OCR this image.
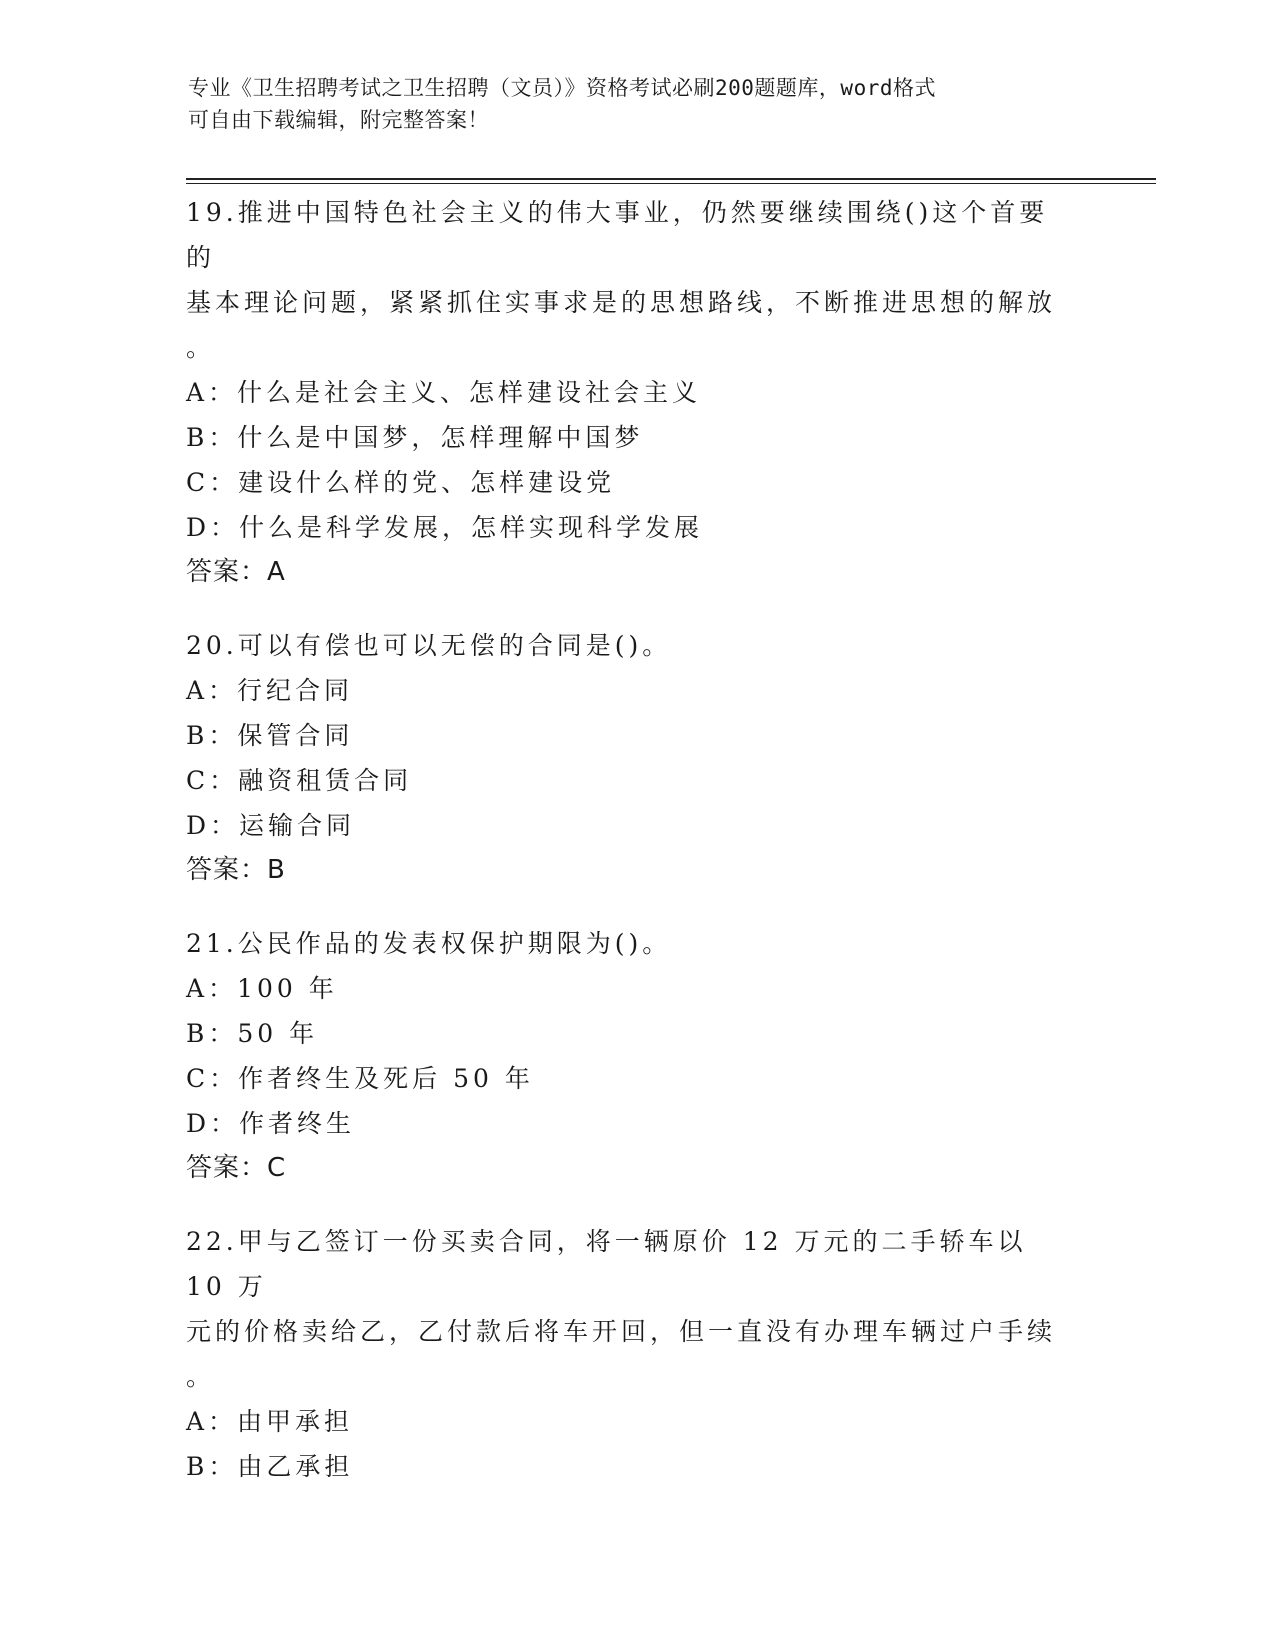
专业《卫生招聘考试之卫生招聘（文员）》资格考试必刷200题题库，word格式
可自由下载编辑，附完整答案！
19.推进中国特色社会主义的伟大事业，仍然要继续围绕()这个首要的
基本理论问题，紧紧抓住实事求是的思想路线，不断推进思想的解放
。
A：什么是社会主义、怎样建设社会主义
B：什么是中国梦，怎样理解中国梦
C：建设什么样的党、怎样建设党
D：什么是科学发展，怎样实现科学发展
答案：A
20.可以有偿也可以无偿的合同是()。
A：行纪合同
B：保管合同
C：融资租赁合同
D：运输合同
答案：B
21.公民作品的发表权保护期限为()。
A：100 年
B：50 年
C：作者终生及死后 50 年
D：作者终生
答案：C
22.甲与乙签订一份买卖合同，将一辆原价 12 万元的二手轿车以 10 万
元的价格卖给乙，乙付款后将车开回，但一直没有办理车辆过户手续
。
A：由甲承担
B：由乙承担
